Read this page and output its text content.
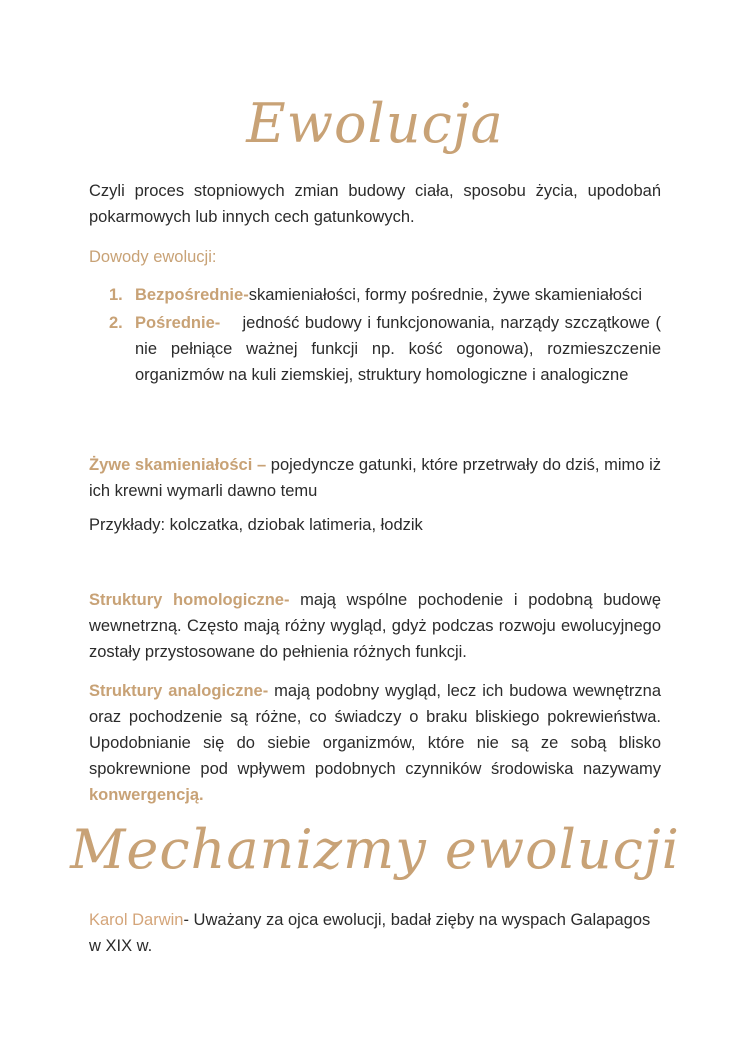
Ewolucja

Czyli proces stopniowych zmian budowy ciała, sposobu życia, upodobań pokarmowych lub innych cech gatunkowych.

Dowody ewolucji:
1. Bezpośrednie-skamieniałości, formy pośrednie, żywe skamieniałości
2. Pośrednie- jedność budowy i funkcjonowania, narządy szczątkowe ( nie pełniące ważnej funkcji np. kość ogonowa), rozmieszczenie organizmów na kuli ziemskiej, struktury homologiczne i analogiczne

Żywe skamieniałości – pojedyncze gatunki, które przetrwały do dziś, mimo iż ich krewni wymarli dawno temu

Przykłady: kolczatka, dziobak latimeria, łodzik

Struktury homologiczne- mają wspólne pochodenie i podobną budowę wewnetrzną. Często mają różny wygląd, gdyż podczas rozwoju ewolucyjnego zostały przystosowane do pełnienia różnych funkcji.

Struktury analogiczne- mają podobny wygląd, lecz ich budowa wewnętrzna oraz pochodzenie są różne, co świadczy o braku bliskiego pokrewieństwa. Upodobnianie się do siebie organizmów, które nie są ze sobą blisko spokrewnione pod wpływem podobnych czynników środowiska nazywamy konwergencją.

Mechanizmy ewolucji

Karol Darwin- Uważany za ojca ewolucji, badał zięby na wyspach Galapagos w XIX w.
